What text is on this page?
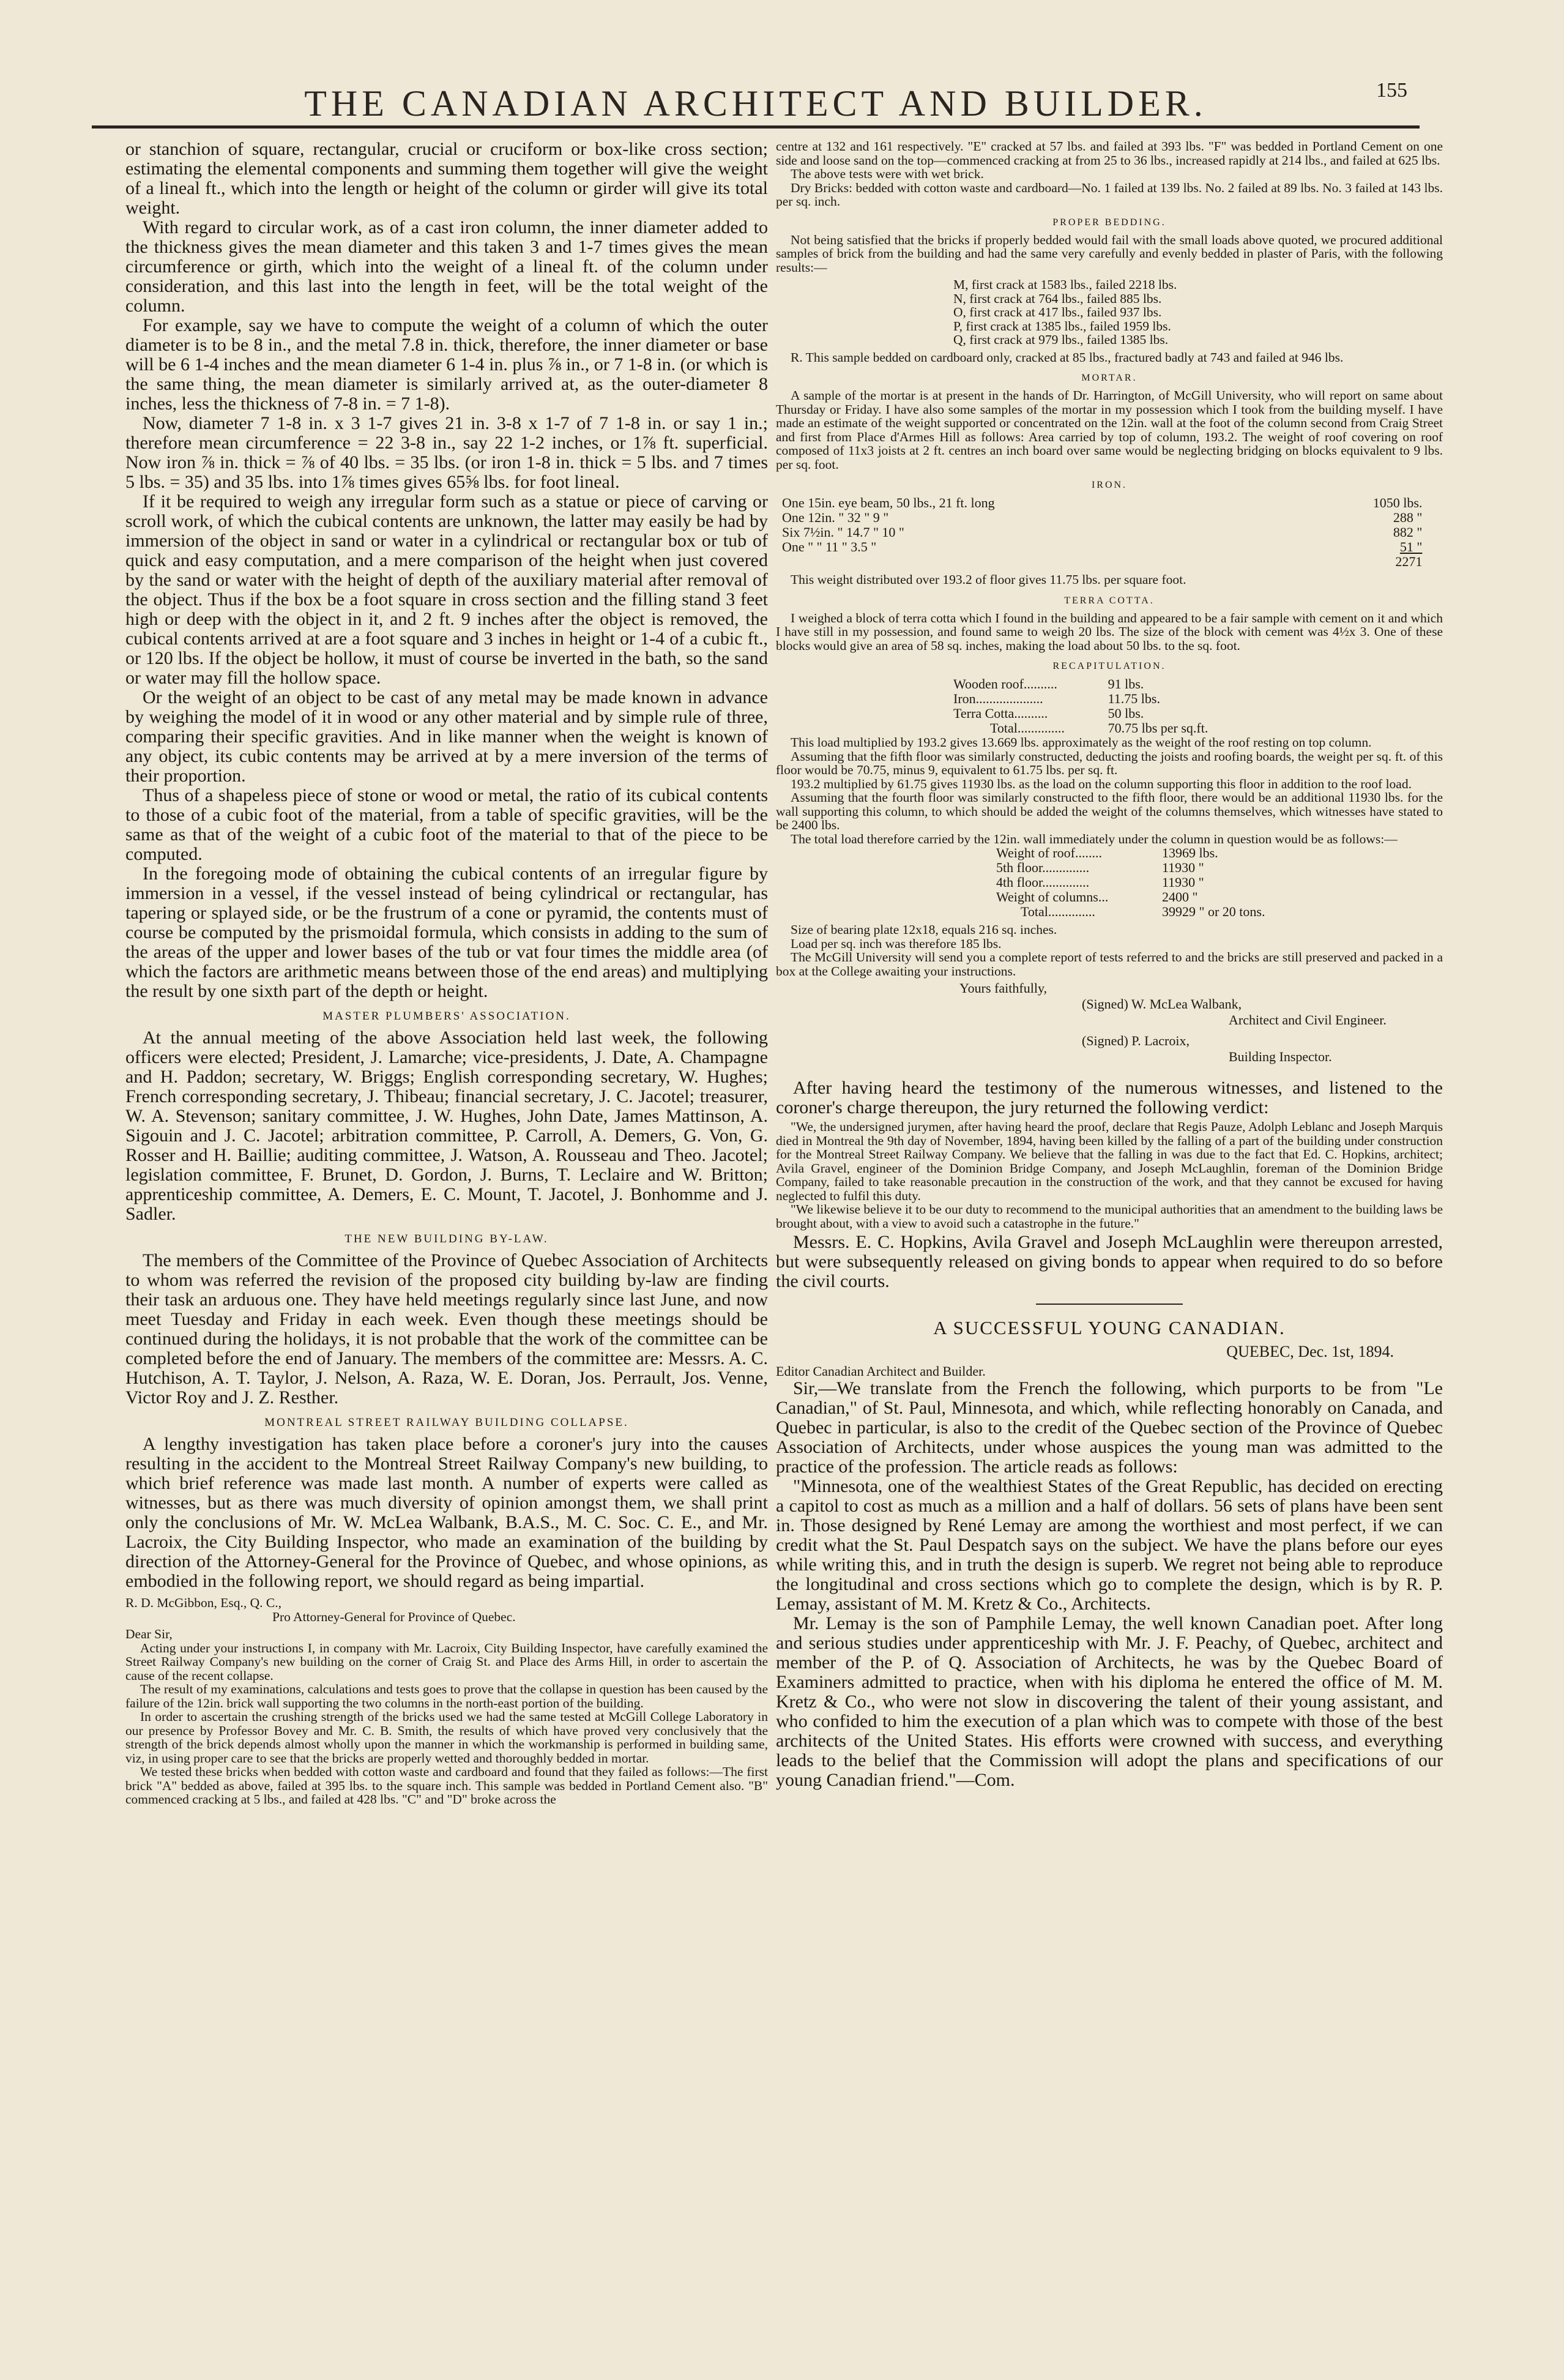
THE CANADIAN ARCHITECT AND BUILDER.	155

or stanchion of square, rectangular, crucial or cruciform or box-like cross section; estimating the elemental components and summing them together will give the weight of a lineal ft., which into the length or height of the column or girder will give its total weight.

With regard to circular work, as of a cast iron column, the inner diameter added to the thickness gives the mean diameter and this taken 3 and 1-7 times gives the mean circumference or girth, which into the weight of a lineal ft. of the column under consideration, and this last into the length in feet, will be the total weight of the column.

For example, say we have to compute the weight of a column of which the outer diameter is to be 8 in., and the metal 7.8 in. thick, therefore, the inner diameter or base will be 6 1-4 inches and the mean diameter 6 1-4 in. plus ⅞ in., or 7 1-8 in. (or which is the same thing, the mean diameter is similarly arrived at, as the outer-diameter 8 inches, less the thickness of 7-8 in. = 7 1-8).

Now, diameter 7 1-8 in. x 3 1-7 gives 21 in. 3-8 x 1-7 of 7 1-8 in. or say 1 in.; therefore mean circumference = 22 3-8 in., say 22 1-2 inches, or 1⅞ ft. superficial. Now iron ⅞ in. thick = ⅞ of 40 lbs. = 35 lbs. (or iron 1-8 in. thick = 5 lbs. and 7 times 5 lbs. = 35) and 35 lbs. into 1⅞ times gives 65⅝ lbs. for foot lineal.

If it be required to weigh any irregular form such as a statue or piece of carving or scroll work, of which the cubical contents are unknown, the latter may easily be had by immersion of the object in sand or water in a cylindrical or rectangular box or tub of quick and easy computation, and a mere comparison of the height when just covered by the sand or water with the height of depth of the auxiliary material after removal of the object. Thus if the box be a foot square in cross section and the filling stand 3 feet high or deep with the object in it, and 2 ft. 9 inches after the object is removed, the cubical contents arrived at are a foot square and 3 inches in height or 1-4 of a cubic ft., or 120 lbs. If the object be hollow, it must of course be inverted in the bath, so the sand or water may fill the hollow space.

Or the weight of an object to be cast of any metal may be made known in advance by weighing the model of it in wood or any other material and by simple rule of three, comparing their specific gravities. And in like manner when the weight is known of any object, its cubic contents may be arrived at by a mere inversion of the terms of their proportion.

Thus of a shapeless piece of stone or wood or metal, the ratio of its cubical contents to those of a cubic foot of the material, from a table of specific gravities, will be the same as that of the weight of a cubic foot of the material to that of the piece to be computed.

In the foregoing mode of obtaining the cubical contents of an irregular figure by immersion in a vessel, if the vessel instead of being cylindrical or rectangular, has tapering or splayed side, or be the frustrum of a cone or pyramid, the contents must of course be computed by the prismoidal formula, which consists in adding to the sum of the areas of the upper and lower bases of the tub or vat four times the middle area (of which the factors are arithmetic means between those of the end areas) and multiplying the result by one sixth part of the depth or height.

MASTER PLUMBERS' ASSOCIATION.

At the annual meeting of the above Association held last week, the following officers were elected; President, J. Lamarche; vice-presidents, J. Date, A. Champagne and H. Paddon; secretary, W. Briggs; English corresponding secretary, W. Hughes; French corresponding secretary, J. Thibeau; financial secretary, J. C. Jacotel; treasurer, W. A. Stevenson; sanitary committee, J. W. Hughes, John Date, James Mattinson, A. Sigouin and J. C. Jacotel; arbitration committee, P. Carroll, A. Demers, G. Von, G. Rosser and H. Baillie; auditing committee, J. Watson, A. Rousseau and Theo. Jacotel; legislation committee, F. Brunet, D. Gordon, J. Burns, T. Leclaire and W. Britton; apprenticeship committee, A. Demers, E. C. Mount, T. Jacotel, J. Bonhomme and J. Sadler.

THE NEW BUILDING BY-LAW.

The members of the Committee of the Province of Quebec Association of Architects to whom was referred the revision of the proposed city building by-law are finding their task an arduous one. They have held meetings regularly since last June, and now meet Tuesday and Friday in each week. Even though these meetings should be continued during the holidays, it is not probable that the work of the committee can be completed before the end of January. The members of the committee are: Messrs. A. C. Hutchison, A. T. Taylor, J. Nelson, A. Raza, W. E. Doran, Jos. Perrault, Jos. Venne, Victor Roy and J. Z. Resther.

MONTREAL STREET RAILWAY BUILDING COLLAPSE.

A lengthy investigation has taken place before a coroner's jury into the causes resulting in the accident to the Montreal Street Railway Company's new building, to which brief reference was made last month. A number of experts were called as witnesses, but as there was much diversity of opinion amongst them, we shall print only the conclusions of Mr. W. McLea Walbank, B.A.S., M. C. Soc. C. E., and Mr. Lacroix, the City Building Inspector, who made an examination of the building by direction of the Attorney-General for the Province of Quebec, and whose opinions, as embodied in the following report, we should regard as being impartial.

R. D. McGibbon, Esq., Q. C.,

Pro Attorney-General for Province of Quebec.

Dear Sir,

Acting under your instructions I, in company with Mr. Lacroix, City Building Inspector, have carefully examined the Street Railway Company's new building on the corner of Craig St. and Place des Arms Hill, in order to ascertain the cause of the recent collapse.

The result of my examinations, calculations and tests goes to prove that the collapse in question has been caused by the failure of the 12in. brick wall supporting the two columns in the north-east portion of the building.

In order to ascertain the crushing strength of the bricks used we had the same tested at McGill College Laboratory in our presence by Professor Bovey and Mr. C. B. Smith, the results of which have proved very conclusively that the strength of the brick depends almost wholly upon the manner in which the workmanship is performed in building same, viz, in using proper care to see that the bricks are properly wetted and thoroughly bedded in mortar.

We tested these bricks when bedded with cotton waste and cardboard and found that they failed as follows:—The first brick "A" bedded as above, failed at 395 lbs. to the square inch. This sample was bedded in Portland Cement also. "B" commenced cracking at 5 lbs., and failed at 428 lbs. "C" and "D" broke across the

centre at 132 and 161 respectively. "E" cracked at 57 lbs. and failed at 393 lbs. "F" was bedded in Portland Cement on one side and loose sand on the top—commenced cracking at from 25 to 36 lbs., increased rapidly at 214 lbs., and failed at 625 lbs.

The above tests were with wet brick.

Dry Bricks: bedded with cotton waste and cardboard—No. 1 failed at 139 lbs. No. 2 failed at 89 lbs. No. 3 failed at 143 lbs. per sq. inch.

PROPER BEDDING.

Not being satisfied that the bricks if properly bedded would fail with the small loads above quoted, we procured additional samples of brick from the building and had the same very carefully and evenly bedded in plaster of Paris, with the following results:—

M, first crack at 1583 lbs., failed 2218 lbs.
N, first crack at 764 lbs., failed 885 lbs.
O, first crack at 417 lbs., failed 937 lbs.
P, first crack at 1385 lbs., failed 1959 lbs.
Q, first crack at 979 lbs., failed 1385 lbs.

R. This sample bedded on cardboard only, cracked at 85 lbs., fractured badly at 743 and failed at 946 lbs.

MORTAR.

A sample of the mortar is at present in the hands of Dr. Harrington, of McGill University, who will report on same about Thursday or Friday. I have also some samples of the mortar in my possession which I took from the building myself. I have made an estimate of the weight supported or concentrated on the 12in. wall at the foot of the column second from Craig Street and first from Place d'Armes Hill as follows: Area carried by top of column, 193.2. The weight of roof covering on roof composed of 11x3 joists at 2 ft. centres an inch board over same would be neglecting bridging on blocks equivalent to 9 lbs. per sq. foot.

IRON.
One 15in. eye beam, 50 lbs., 21 ft. long	1050 lbs.
One 12in. " 32 " 9 "	288 "
Six 7½in. " 14.7 " 10 "	882 "
One " " 11 " 3.5 "	51 "
	2271

This weight distributed over 193.2 of floor gives 11.75 lbs. per square foot.

TERRA COTTA.

I weighed a block of terra cotta which I found in the building and appeared to be a fair sample with cement on it and which I have still in my possession, and found same to weigh 20 lbs. The size of the block with cement was 4½x 3. One of these blocks would give an area of 58 sq. inches, making the load about 50 lbs. to the sq. foot.

RECAPITULATION.
Wooden roof..........	91 lbs.
Iron....................	11.75 lbs.
Terra Cotta..........	50 lbs.
Total..............	70.75 lbs per sq.ft.

This load multiplied by 193.2 gives 13.669 lbs. approximately as the weight of the roof resting on top column.

Assuming that the fifth floor was similarly constructed, deducting the joists and roofing boards, the weight per sq. ft. of this floor would be 70.75, minus 9, equivalent to 61.75 lbs. per sq. ft.

193.2 multiplied by 61.75 gives 11930 lbs. as the load on the column supporting this floor in addition to the roof load.

Assuming that the fourth floor was similarly constructed to the fifth floor, there would be an additional 11930 lbs. for the wall supporting this column, to which should be added the weight of the columns themselves, which witnesses have stated to be 2400 lbs.

The total load therefore carried by the 12in. wall immediately under the column in question would be as follows:—

Weight of roof........	13969 lbs.
5th floor..............	11930 "
4th floor..............	11930 "
Weight of columns...	2400 "
Total..............	39929 " or 20 tons.

Size of bearing plate 12x18, equals 216 sq. inches.

Load per sq. inch was therefore 185 lbs.

The McGill University will send you a complete report of tests referred to and the bricks are still preserved and packed in a box at the College awaiting your instructions.

Yours faithfully,
(Signed) W. McLea Walbank,
Architect and Civil Engineer.
(Signed) P. Lacroix,
Building Inspector.

After having heard the testimony of the numerous witnesses, and listened to the coroner's charge thereupon, the jury returned the following verdict:

"We, the undersigned jurymen, after having heard the proof, declare that Regis Pauze, Adolph Leblanc and Joseph Marquis died in Montreal the 9th day of November, 1894, having been killed by the falling of a part of the building under construction for the Montreal Street Railway Company. We believe that the falling in was due to the fact that Ed. C. Hopkins, architect; Avila Gravel, engineer of the Dominion Bridge Company, and Joseph McLaughlin, foreman of the Dominion Bridge Company, failed to take reasonable precaution in the construction of the work, and that they cannot be excused for having neglected to fulfil this duty.

"We likewise believe it to be our duty to recommend to the municipal authorities that an amendment to the building laws be brought about, with a view to avoid such a catastrophe in the future."

Messrs. E. C. Hopkins, Avila Gravel and Joseph McLaughlin were thereupon arrested, but were subsequently released on giving bonds to appear when required to do so before the civil courts.

A SUCCESSFUL YOUNG CANADIAN.
QUEBEC, Dec. 1st, 1894.

Editor Canadian Architect and Builder.

Sir,—We translate from the French the following, which purports to be from "Le Canadian," of St. Paul, Minnesota, and which, while reflecting honorably on Canada, and Quebec in particular, is also to the credit of the Quebec section of the Province of Quebec Association of Architects, under whose auspices the young man was admitted to the practice of the profession. The article reads as follows:

"Minnesota, one of the wealthiest States of the Great Republic, has decided on erecting a capitol to cost as much as a million and a half of dollars. 56 sets of plans have been sent in. Those designed by René Lemay are among the worthiest and most perfect, if we can credit what the St. Paul Despatch says on the subject. We have the plans before our eyes while writing this, and in truth the design is superb. We regret not being able to reproduce the longitudinal and cross sections which go to complete the design, which is by R. P. Lemay, assistant of M. M. Kretz & Co., Architects.

Mr. Lemay is the son of Pamphile Lemay, the well known Canadian poet. After long and serious studies under apprenticeship with Mr. J. F. Peachy, of Quebec, architect and member of the P. of Q. Association of Architects, he was by the Quebec Board of Examiners admitted to practice, when with his diploma he entered the office of M. M. Kretz & Co., who were not slow in discovering the talent of their young assistant, and who confided to him the execution of a plan which was to compete with those of the best architects of the United States. His efforts were crowned with success, and everything leads to the belief that the Commission will adopt the plans and specifications of our young Canadian friend."—Com.
